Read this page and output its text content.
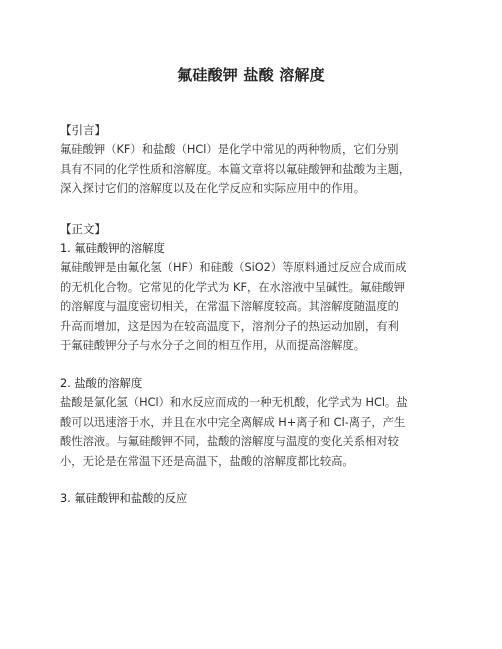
氟硅酸钾 盐酸 溶解度
【引言】
氟硅酸钾（KF）和盐酸（HCl）是化学中常见的两种物质，它们分别
具有不同的化学性质和溶解度。本篇文章将以氟硅酸钾和盐酸为主题，
深入探讨它们的溶解度以及在化学反应和实际应用中的作用。
【正文】
1. 氟硅酸钾的溶解度
氟硅酸钾是由氟化氢（HF）和硅酸（SiO2）等原料通过反应合成而成
的无机化合物。它常见的化学式为 KF，在水溶液中呈碱性。氟硅酸钾
的溶解度与温度密切相关，在常温下溶解度较高。其溶解度随温度的
升高而增加，这是因为在较高温度下，溶剂分子的热运动加剧，有利
于氟硅酸钾分子与水分子之间的相互作用，从而提高溶解度。
2. 盐酸的溶解度
盐酸是氯化氢（HCl）和水反应而成的一种无机酸，化学式为 HCl。盐
酸可以迅速溶于水，并且在水中完全离解成 H+离子和 Cl-离子，产生
酸性溶液。与氟硅酸钾不同，盐酸的溶解度与温度的变化关系相对较
小，无论是在常温下还是高温下，盐酸的溶解度都比较高。
3. 氟硅酸钾和盐酸的反应
